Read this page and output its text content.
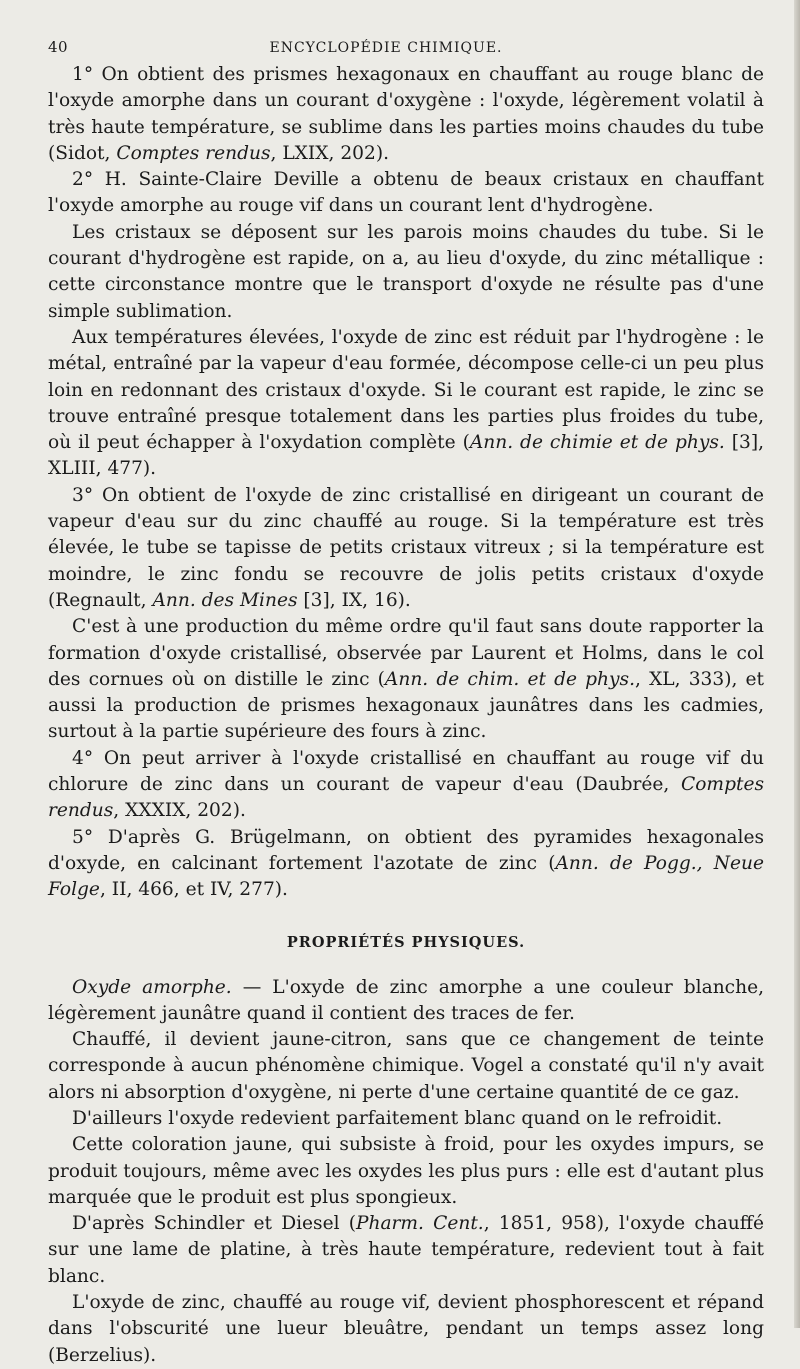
40	ENCYCLOPÉDIE CHIMIQUE.

1° On obtient des prismes hexagonaux en chauffant au rouge blanc de l'oxyde amorphe dans un courant d'oxygène : l'oxyde, légèrement volatil à très haute température, se sublime dans les parties moins chaudes du tube (Sidot, Comptes rendus, LXIX, 202).

2° H. Sainte-Claire Deville a obtenu de beaux cristaux en chauffant l'oxyde amorphe au rouge vif dans un courant lent d'hydrogène.

Les cristaux se déposent sur les parois moins chaudes du tube. Si le courant d'hydrogène est rapide, on a, au lieu d'oxyde, du zinc métallique : cette circonstance montre que le transport d'oxyde ne résulte pas d'une simple sublimation.

Aux températures élevées, l'oxyde de zinc est réduit par l'hydrogène : le métal, entraîné par la vapeur d'eau formée, décompose celle-ci un peu plus loin en redonnant des cristaux d'oxyde. Si le courant est rapide, le zinc se trouve entraîné presque totalement dans les parties plus froides du tube, où il peut échapper à l'oxydation complète (Ann. de chimie et de phys. [3], XLIII, 477).

3° On obtient de l'oxyde de zinc cristallisé en dirigeant un courant de vapeur d'eau sur du zinc chauffé au rouge. Si la température est très élevée, le tube se tapisse de petits cristaux vitreux ; si la température est moindre, le zinc fondu se recouvre de jolis petits cristaux d'oxyde (Regnault, Ann. des Mines [3], IX, 16).

C'est à une production du même ordre qu'il faut sans doute rapporter la formation d'oxyde cristallisé, observée par Laurent et Holms, dans le col des cornues où on distille le zinc (Ann. de chim. et de phys., XL, 333), et aussi la production de prismes hexagonaux jaunâtres dans les cadmies, surtout à la partie supérieure des fours à zinc.

4° On peut arriver à l'oxyde cristallisé en chauffant au rouge vif du chlorure de zinc dans un courant de vapeur d'eau (Daubrée, Comptes rendus, XXXIX, 202).

5° D'après G. Brügelmann, on obtient des pyramides hexagonales d'oxyde, en calcinant fortement l'azotate de zinc (Ann. de Pogg., Neue Folge, II, 466, et IV, 277).

PROPRIÉTÉS PHYSIQUES.

Oxyde amorphe. — L'oxyde de zinc amorphe a une couleur blanche, légèrement jaunâtre quand il contient des traces de fer.

Chauffé, il devient jaune-citron, sans que ce changement de teinte corresponde à aucun phénomène chimique. Vogel a constaté qu'il n'y avait alors ni absorption d'oxygène, ni perte d'une certaine quantité de ce gaz.

D'ailleurs l'oxyde redevient parfaitement blanc quand on le refroidit.

Cette coloration jaune, qui subsiste à froid, pour les oxydes impurs, se produit toujours, même avec les oxydes les plus purs : elle est d'autant plus marquée que le produit est plus spongieux.

D'après Schindler et Diesel (Pharm. Cent., 1851, 958), l'oxyde chauffé sur une lame de platine, à très haute température, redevient tout à fait blanc.

L'oxyde de zinc, chauffé au rouge vif, devient phosphorescent et répand dans l'obscurité une lueur bleuâtre, pendant un temps assez long (Berzelius).
